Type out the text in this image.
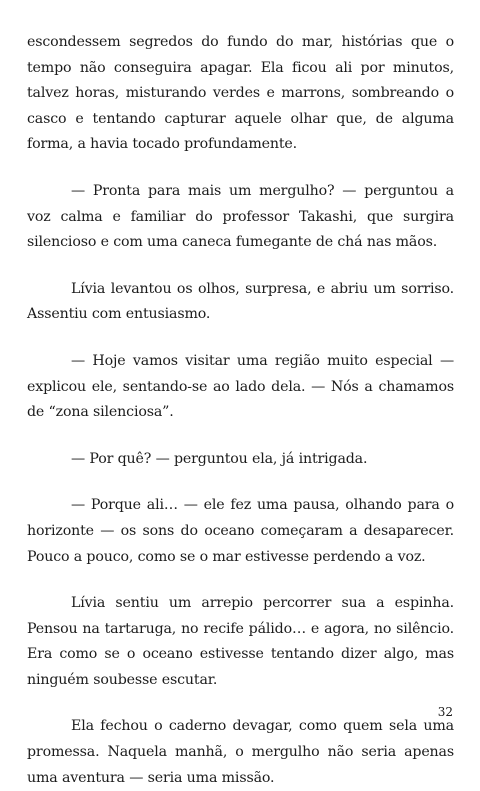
escondessem segredos do fundo do mar, histórias que o tempo não conseguira apagar. Ela ficou ali por minutos, talvez horas, misturando verdes e marrons, sombreando o casco e tentando capturar aquele olhar que, de alguma forma, a havia tocado profundamente.

— Pronta para mais um mergulho? — perguntou a voz calma e familiar do professor Takashi, que surgira silencioso e com uma caneca fumegante de chá nas mãos.

Lívia levantou os olhos, surpresa, e abriu um sorriso. Assentiu com entusiasmo.

— Hoje vamos visitar uma região muito especial — explicou ele, sentando-se ao lado dela. — Nós a chamamos de “zona silenciosa”.

— Por quê? — perguntou ela, já intrigada.

— Porque ali… — ele fez uma pausa, olhando para o horizonte — os sons do oceano começaram a desaparecer. Pouco a pouco, como se o mar estivesse perdendo a voz.

Lívia sentiu um arrepio percorrer sua a espinha. Pensou na tartaruga, no recife pálido… e agora, no silêncio. Era como se o oceano estivesse tentando dizer algo, mas ninguém soubesse escutar.

Ela fechou o caderno devagar, como quem sela uma promessa. Naquela manhã, o mergulho não seria apenas uma aventura — seria uma missão.

32
